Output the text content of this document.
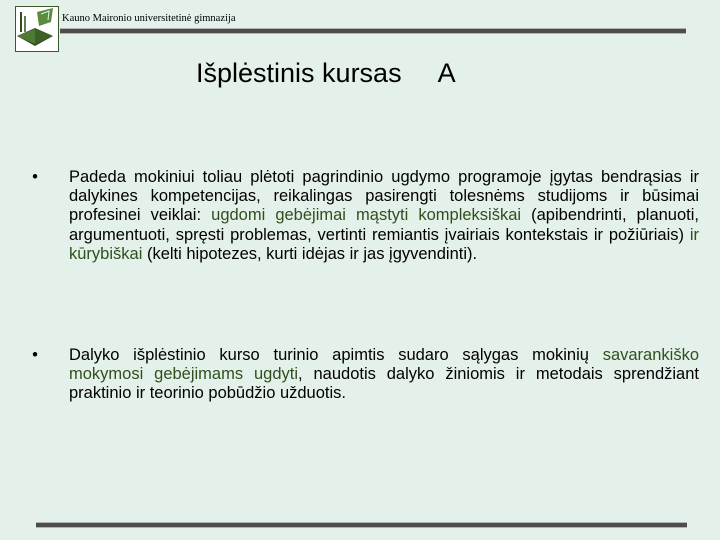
Kauno Maironio universitetinė gimnazija
Išplėstinis kursas A
• Padeda mokiniui toliau plėtoti pagrindinio ugdymo programoje įgytas bendrąsias ir dalykines kompetencijas, reikalingas pasirengti tolesnėms studijoms ir būsimai profesinei veiklai: ugdomi gebėjimai mąstyti kompleksiškai (apibendrinti, planuoti, argumentuoti, spręsti problemas, vertinti remiantis įvairiais kontekstais ir požiūriais) ir kūrybiškai (kelti hipotezes, kurti idėjas ir jas įgyvendinti).
• Dalyko išplėstinio kurso turinio apimtis sudaro sąlygas mokinių savarankiško mokymosi gebėjimams ugdyti, naudotis dalyko žiniomis ir metodais sprendžiant praktinio ir teorinio pobūdžio užduotis.
